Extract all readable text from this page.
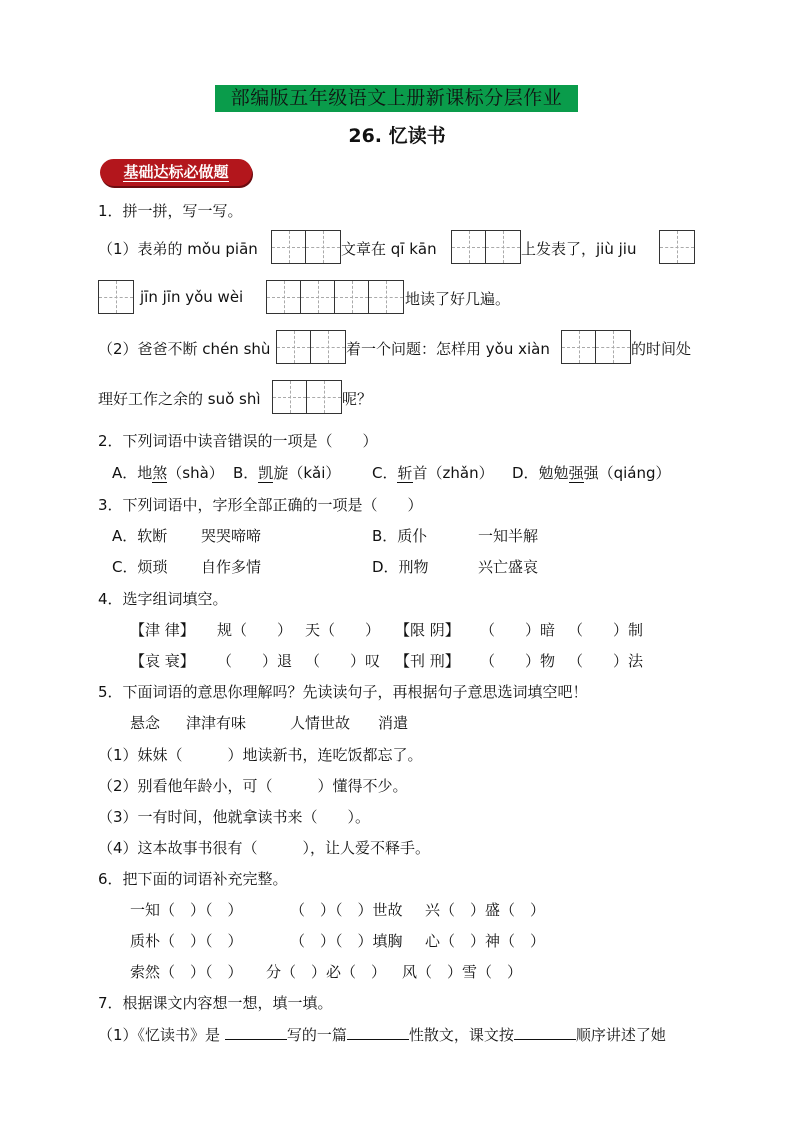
部编版五年级语文上册新课标分层作业
26. 忆读书
基础达标必做题
1．拼一拼，写一写。
（1）表弟的 mǒu piān	文章在 qī kān	上发表了，jiù jiu
jīn jīn yǒu wèi	地读了好几遍。
（2）爸爸不断 chén shù	着一个问题：怎样用 yǒu xiàn	的时间处
理好工作之余的 suǒ shì	呢？
2．下列词语中读音错误的一项是（　　）
A．地煞（shà） B．凯旋（kǎi） C．斩首（zhǎn） D．勉勉强强（qiáng）
3．下列词语中，字形全部正确的一项是（　　）
A．软断 哭哭啼啼	B．质仆	一知半解
C．烦琐 自作多情	D．刑物	兴亡盛哀
4．选字组词填空。
【津 律】 规（　　） 天（　　） 【限 阴】 （　　）暗 （　　）制
【哀 衰】 （　　）退 （　　）叹 【刊 刑】 （　　）物 （　　）法
5．下面词语的意思你理解吗？先读读句子，再根据句子意思选词填空吧！
悬念 津津有味	人情世故 消遣
（1）妹妹（　　　）地读新书，连吃饭都忘了。
（2）别看他年龄小，可（　　　）懂得不少。
（3）一有时间，他就拿读书来（　　）。
（4）这本故事书很有（　　　），让人爱不释手。
6．把下面的词语补充完整。
一知（　）（　）	（　）（　）世故 兴（　）盛（　）
质朴（　）（　）	（　）（　）填胸 心（　）神（　）
索然（　）（　） 分（　）必（　） 风（　）雪（　）
7．根据课文内容想一想，填一填。
（1）《忆读书》是	写的一篇	性散文，课文按	顺序讲述了她
